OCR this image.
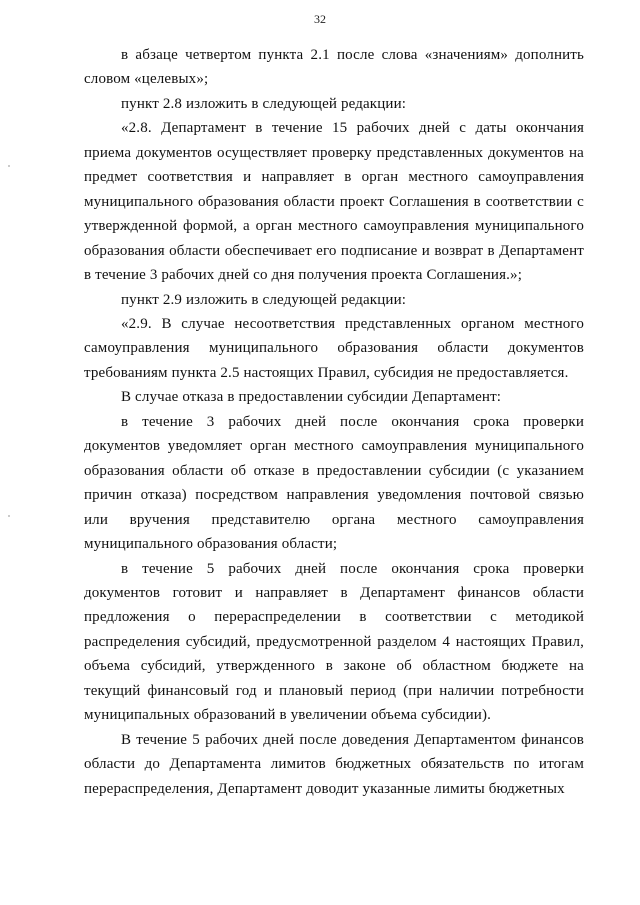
32

в абзаце четвертом пункта 2.1 после слова «значениям» дополнить словом «целевых»;

пункт 2.8 изложить в следующей редакции:

«2.8. Департамент в течение 15 рабочих дней с даты окончания приема документов осуществляет проверку представленных документов на предмет соответствия и направляет в орган местного самоуправления муниципального образования области проект Соглашения в соответствии с утвержденной формой, а орган местного самоуправления муниципального образования области обеспечивает его подписание и возврат в Департамент в течение 3 рабочих дней со дня получения проекта Соглашения.»;

пункт 2.9 изложить в следующей редакции:

«2.9. В случае несоответствия представленных органом местного самоуправления муниципального образования области документов требованиям пункта 2.5 настоящих Правил, субсидия не предоставляется.

В случае отказа в предоставлении субсидии Департамент:

в течение 3 рабочих дней после окончания срока проверки документов уведомляет орган местного самоуправления муниципального образования области об отказе в предоставлении субсидии (с указанием причин отказа) посредством направления уведомления почтовой связью или вручения представителю органа местного самоуправления муниципального образования области;

в течение 5 рабочих дней после окончания срока проверки документов готовит и направляет в Департамент финансов области предложения о перераспределении в соответствии с методикой распределения субсидий, предусмотренной разделом 4 настоящих Правил, объема субсидий, утвержденного в законе об областном бюджете на текущий финансовый год и плановый период (при наличии потребности муниципальных образований в увеличении объема субсидии).

В течение 5 рабочих дней после доведения Департаментом финансов области до Департамента лимитов бюджетных обязательств по итогам перераспределения, Департамент доводит указанные лимиты бюджетных
